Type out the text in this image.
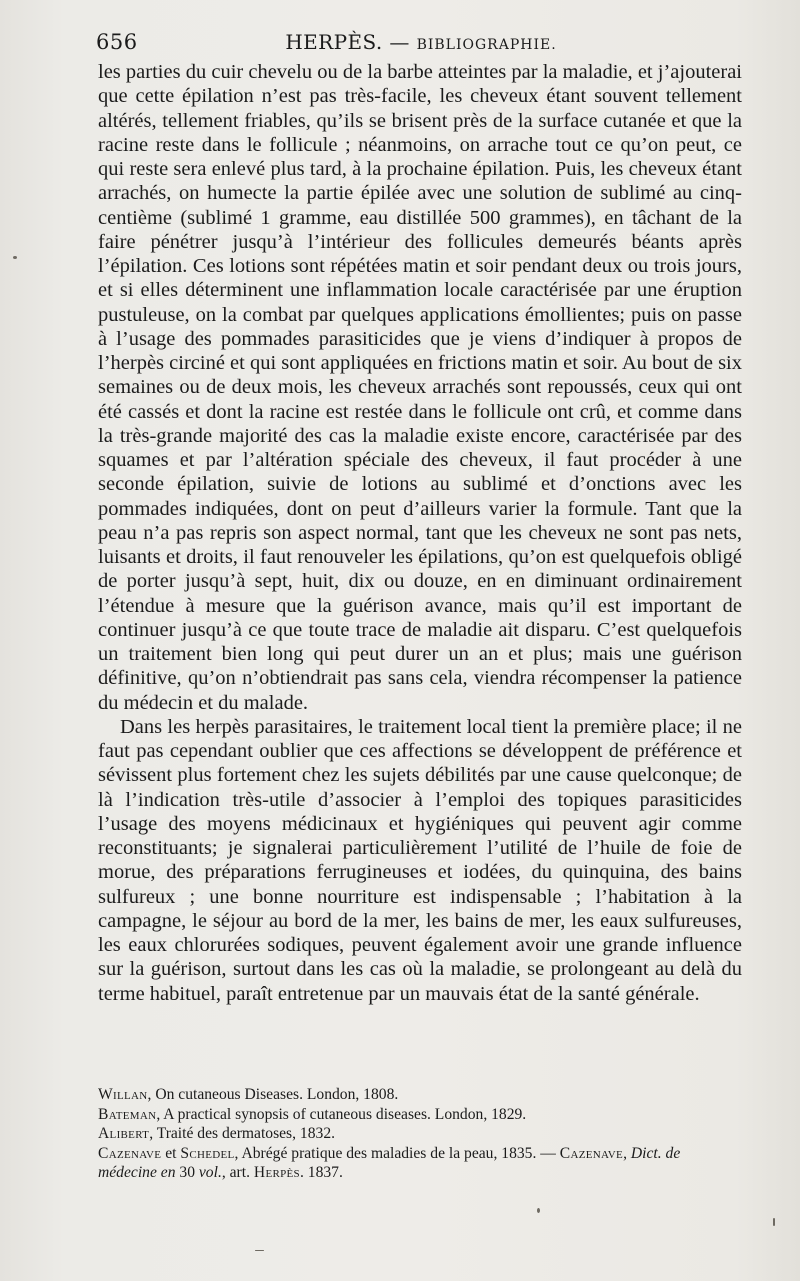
656	HERPÈS. — BIBLIOGRAPHIE.

les parties du cuir chevelu ou de la barbe atteintes par la maladie, et j’ajouterai que cette épilation n’est pas très-facile, les cheveux étant souvent tellement altérés, tellement friables, qu’ils se brisent près de la surface cutanée et que la racine reste dans le follicule ; néanmoins, on arrache tout ce qu’on peut, ce qui reste sera enlevé plus tard, à la prochaine épilation. Puis, les cheveux étant arrachés, on humecte la partie épilée avec une solution de sublimé au cinq-centième (sublimé 1 gramme, eau distillée 500 grammes), en tâchant de la faire pénétrer jusqu’à l’intérieur des follicules demeurés béants après l’épilation. Ces lotions sont répétées matin et soir pendant deux ou trois jours, et si elles déterminent une inflammation locale caractérisée par une éruption pustuleuse, on la combat par quelques applications émollientes; puis on passe à l’usage des pommades parasiticides que je viens d’indiquer à propos de l’herpès circiné et qui sont appliquées en frictions matin et soir. Au bout de six semaines ou de deux mois, les cheveux arrachés sont repoussés, ceux qui ont été cassés et dont la racine est restée dans le follicule ont crû, et comme dans la très-grande majorité des cas la maladie existe encore, caractérisée par des squames et par l’altération spéciale des cheveux, il faut procéder à une seconde épilation, suivie de lotions au sublimé et d’onctions avec les pommades indiquées, dont on peut d’ailleurs varier la formule. Tant que la peau n’a pas repris son aspect normal, tant que les cheveux ne sont pas nets, luisants et droits, il faut renouveler les épilations, qu’on est quelquefois obligé de porter jusqu’à sept, huit, dix ou douze, en en diminuant ordinairement l’étendue à mesure que la guérison avance, mais qu’il est important de continuer jusqu’à ce que toute trace de maladie ait disparu. C’est quelquefois un traitement bien long qui peut durer un an et plus; mais une guérison définitive, qu’on n’obtiendrait pas sans cela, viendra récompenser la patience du médecin et du malade.

Dans les herpès parasitaires, le traitement local tient la première place; il ne faut pas cependant oublier que ces affections se développent de préférence et sévissent plus fortement chez les sujets débilités par une cause quelconque; de là l’indication très-utile d’associer à l’emploi des topiques parasiticides l’usage des moyens médicinaux et hygiéniques qui peuvent agir comme reconstituants; je signalerai particulièrement l’utilité de l’huile de foie de morue, des préparations ferrugineuses et iodées, du quinquina, des bains sulfureux ; une bonne nourriture est indispensable ; l’habitation à la campagne, le séjour au bord de la mer, les bains de mer, les eaux sulfureuses, les eaux chlorurées sodiques, peuvent également avoir une grande influence sur la guérison, surtout dans les cas où la maladie, se prolongeant au delà du terme habituel, paraît entretenue par un mauvais état de la santé générale.

Willan, On cutaneous Diseases. London, 1808.

Bateman, A practical synopsis of cutaneous diseases. London, 1829.

Alibert, Traité des dermatoses, 1832.

Cazenave et Schedel, Abrégé pratique des maladies de la peau, 1835. — Cazenave, Dict. de médecine en 30 vol., art. Herpès. 1837.
